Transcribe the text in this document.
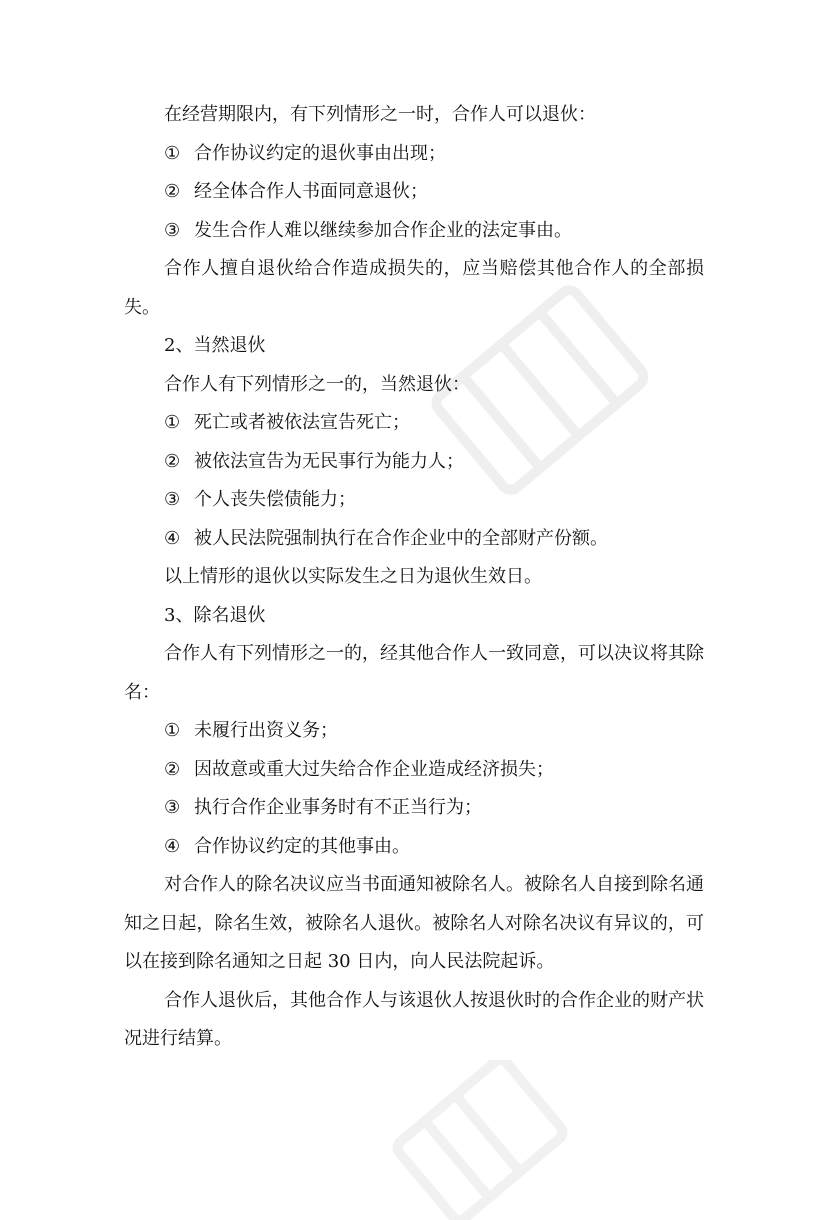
在经营期限内，有下列情形之一时，合作人可以退伙：

① 合作协议约定的退伙事由出现；

② 经全体合作人书面同意退伙；

③ 发生合作人难以继续参加合作企业的法定事由。

合作人擅自退伙给合作造成损失的，应当赔偿其他合作人的全部损失。

2、当然退伙

合作人有下列情形之一的，当然退伙：

① 死亡或者被依法宣告死亡；

② 被依法宣告为无民事行为能力人；

③ 个人丧失偿债能力；

④ 被人民法院强制执行在合作企业中的全部财产份额。

以上情形的退伙以实际发生之日为退伙生效日。

3、除名退伙

合作人有下列情形之一的，经其他合作人一致同意，可以决议将其除名：

① 未履行出资义务；

② 因故意或重大过失给合作企业造成经济损失；

③ 执行合作企业事务时有不正当行为；

④ 合作协议约定的其他事由。

对合作人的除名决议应当书面通知被除名人。被除名人自接到除名通知之日起，除名生效，被除名人退伙。被除名人对除名决议有异议的，可以在接到除名通知之日起 30 日内，向人民法院起诉。

合作人退伙后，其他合作人与该退伙人按退伙时的合作企业的财产状况进行结算。
